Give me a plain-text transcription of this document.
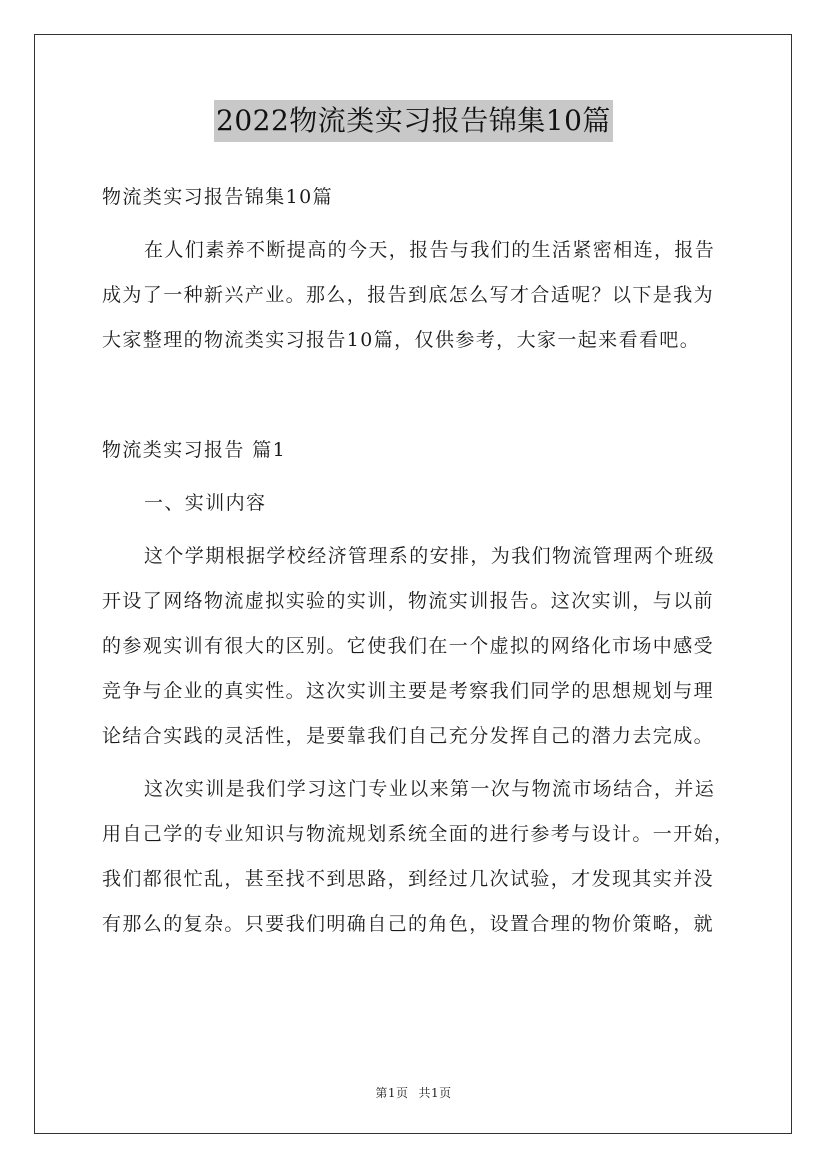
2022物流类实习报告锦集10篇
物流类实习报告锦集10篇
在人们素养不断提高的今天，报告与我们的生活紧密相连，报告
成为了一种新兴产业。那么，报告到底怎么写才合适呢？以下是我为
大家整理的物流类实习报告10篇，仅供参考，大家一起来看看吧。
物流类实习报告 篇1
一、实训内容
这个学期根据学校经济管理系的安排，为我们物流管理两个班级
开设了网络物流虚拟实验的实训，物流实训报告。这次实训，与以前
的参观实训有很大的区别。它使我们在一个虚拟的网络化市场中感受
竞争与企业的真实性。这次实训主要是考察我们同学的思想规划与理
论结合实践的灵活性，是要靠我们自己充分发挥自己的潜力去完成。
这次实训是我们学习这门专业以来第一次与物流市场结合，并运
用自己学的专业知识与物流规划系统全面的进行参考与设计。一开始，
我们都很忙乱，甚至找不到思路，到经过几次试验，才发现其实并没
有那么的复杂。只要我们明确自己的角色，设置合理的物价策略，就
第1页 共1页
